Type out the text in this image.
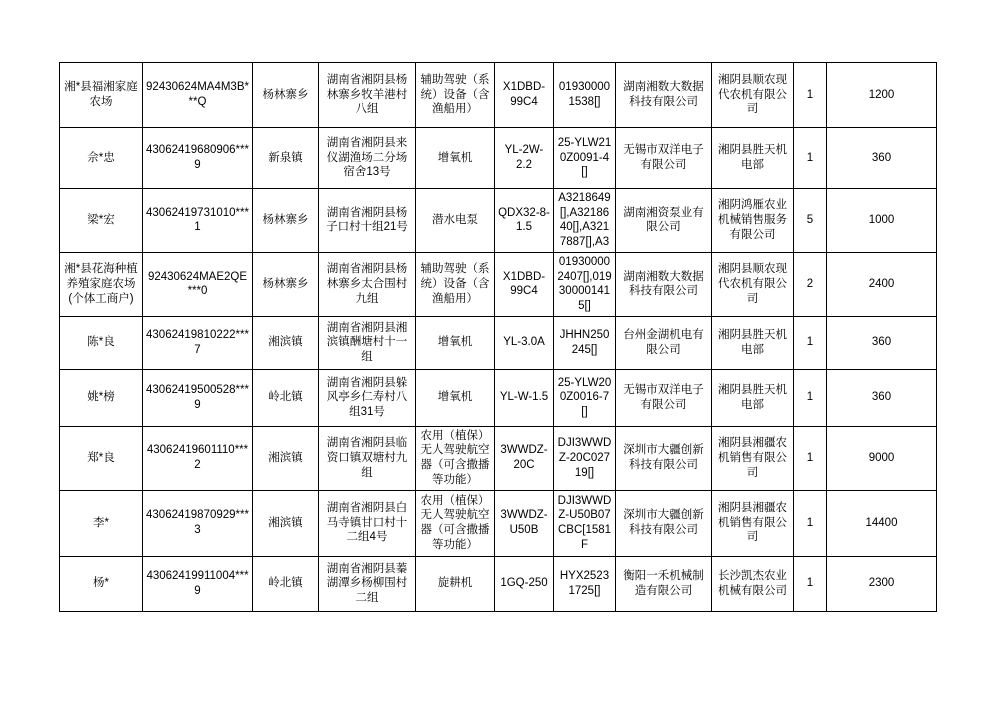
湘*县福湘家庭农场	92430624MA4M3B***Q	杨林寨乡	湖南省湘阴县杨林寨乡牧羊港村八组	辅助驾驶（系统）设备（含渔船用）	X1DBD-99C4	019300001538[]	湖南湘数大数据科技有限公司	湘阴县顺农现代农机有限公司	1	1200
佘*忠	43062419680906***9	新泉镇	湖南省湘阴县来仪湖渔场二分场宿舍13号	增氧机	YL-2W-2.2	25-YLW210Z0091-4[]	无锡市双洋电子有限公司	湘阴县胜天机电部	1	360
梁*宏	43062419731010***1	杨林寨乡	湖南省湘阴县杨子口村十组21号	潜水电泵	QDX32-8-1.5	A3218649[],A3218640[],A3217887[],A3	湖南湘资泵业有限公司	湘阴鸿雁农业机械销售服务有限公司	5	1000
湘*县花海种植养殖家庭农场(个体工商户)	92430624MAE2QE***0	杨林寨乡	湖南省湘阴县杨林寨乡太合围村九组	辅助驾驶（系统）设备（含渔船用）	X1DBD-99C4	019300002407[],019300001415[]	湖南湘数大数据科技有限公司	湘阴县顺农现代农机有限公司	2	2400
陈*良	43062419810222***7	湘滨镇	湖南省湘阴县湘滨镇酬塘村十一组	增氧机	YL-3.0A	JHHN250245[]	台州金湖机电有限公司	湘阴县胜天机电部	1	360
姚*榜	43062419500528***9	岭北镇	湖南省湘阴县躲风亭乡仁寿村八组31号	增氧机	YL-W-1.5	25-YLW200Z0016-7[]	无锡市双洋电子有限公司	湘阴县胜天机电部	1	360
郑*良	43062419601110***2	湘滨镇	湖南省湘阴县临资口镇双塘村九组	农用（植保）无人驾驶航空器（可含撒播等功能）	3WWDZ-20C	DJI3WWDZ-20C02719[]	深圳市大疆创新科技有限公司	湘阴县湘疆农机销售有限公司	1	9000
李*	43062419870929***3	湘滨镇	湖南省湘阴县白马寺镇甘口村十二组4号	农用（植保）无人驾驶航空器（可含撒播等功能）	3WWDZ-U50B	DJI3WWDZ-U50B07CBC[1581F	深圳市大疆创新科技有限公司	湘阴县湘疆农机销售有限公司	1	14400
杨*	43062419911004***9	岭北镇	湖南省湘阴县蓁湖潭乡杨柳围村二组	旋耕机	1GQ-250	HYX25231725[]	衡阳一禾机械制造有限公司	长沙凯杰农业机械有限公司	1	2300
